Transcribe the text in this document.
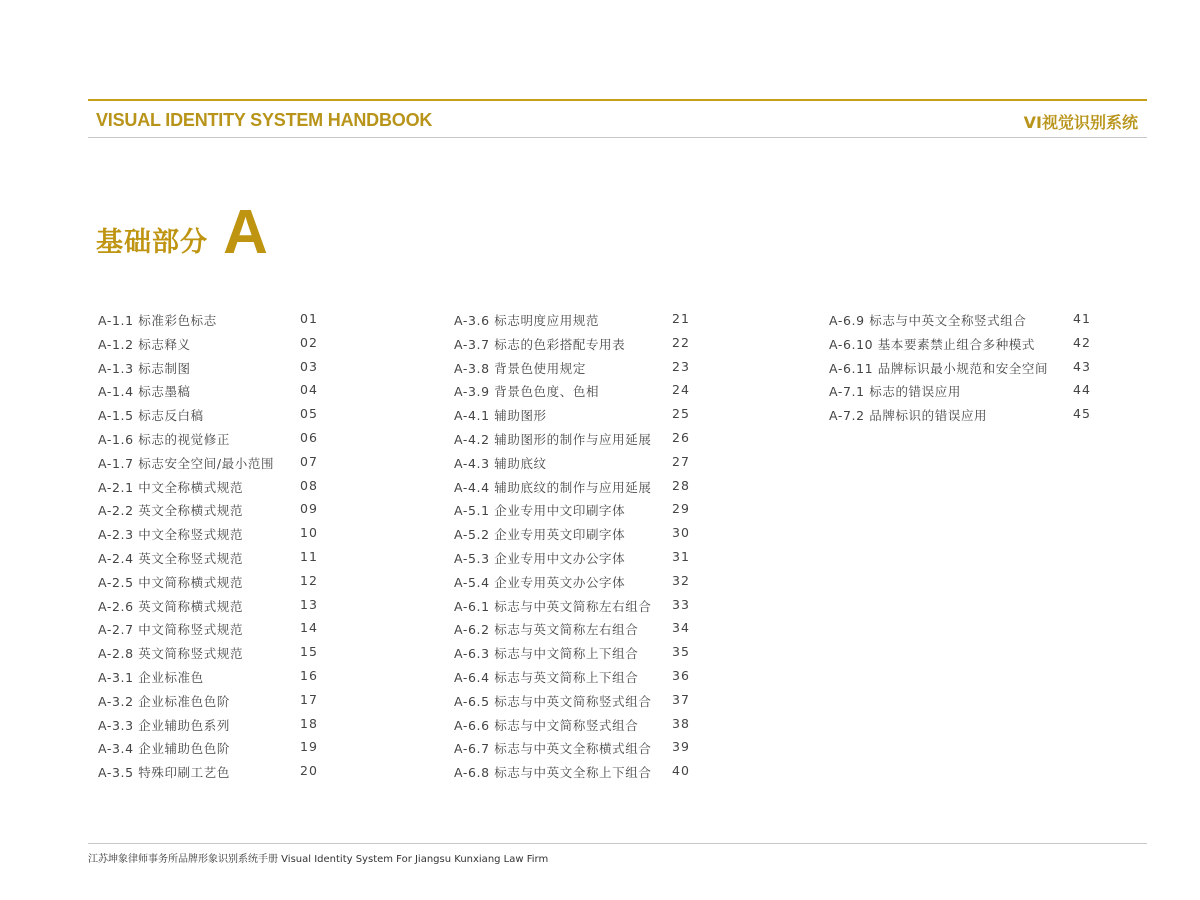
VISUAL IDENTITY SYSTEM HANDBOOK	VI视觉识别系统
基础部分 A
A-1.1 标准彩色标志	01
A-1.2 标志释义	02
A-1.3 标志制图	03
A-1.4 标志墨稿	04
A-1.5 标志反白稿	05
A-1.6 标志的视觉修正	06
A-1.7 标志安全空间/最小范围 07
A-2.1 中文全称横式规范	08
A-2.2 英文全称横式规范	09
A-2.3 中文全称竖式规范	10
A-2.4 英文全称竖式规范	11
A-2.5 中文简称横式规范	12
A-2.6 英文简称横式规范	13
A-2.7 中文简称竖式规范	14
A-2.8 英文简称竖式规范	15
A-3.1 企业标准色	16
A-3.2 企业标准色色阶	17
A-3.3 企业辅助色系列	18
A-3.4 企业辅助色色阶	19
A-3.5 特殊印刷工艺色	20
A-3.6 标志明度应用规范	21
A-3.7 标志的色彩搭配专用表	22
A-3.8 背景色使用规定	23
A-3.9 背景色色度、色相	24
A-4.1 辅助图形	25
A-4.2 辅助图形的制作与应用延展 26
A-4.3 辅助底纹	27
A-4.4 辅助底纹的制作与应用延展 28
A-5.1 企业专用中文印刷字体	29
A-5.2 企业专用英文印刷字体	30
A-5.3 企业专用中文办公字体	31
A-5.4 企业专用英文办公字体	32
A-6.1 标志与中英文简称左右组合 33
A-6.2 标志与英文简称左右组合	34
A-6.3 标志与中文简称上下组合	35
A-6.4 标志与英文简称上下组合	36
A-6.5 标志与中英文简称竖式组合 37
A-6.6 标志与中文简称竖式组合	38
A-6.7 标志与中英文全称横式组合 39
A-6.8 标志与中英文全称上下组合 40
A-6.9 标志与中英文全称竖式组合	41
A-6.10 基本要素禁止组合多种模式	42
A-6.11 品牌标识最小规范和安全空间 43
A-7.1 标志的错误应用	44
A-7.2 品牌标识的错误应用	45
江苏坤象律师事务所品牌形象识别系统手册 Visual Identity System For Jiangsu Kunxiang Law Firm
